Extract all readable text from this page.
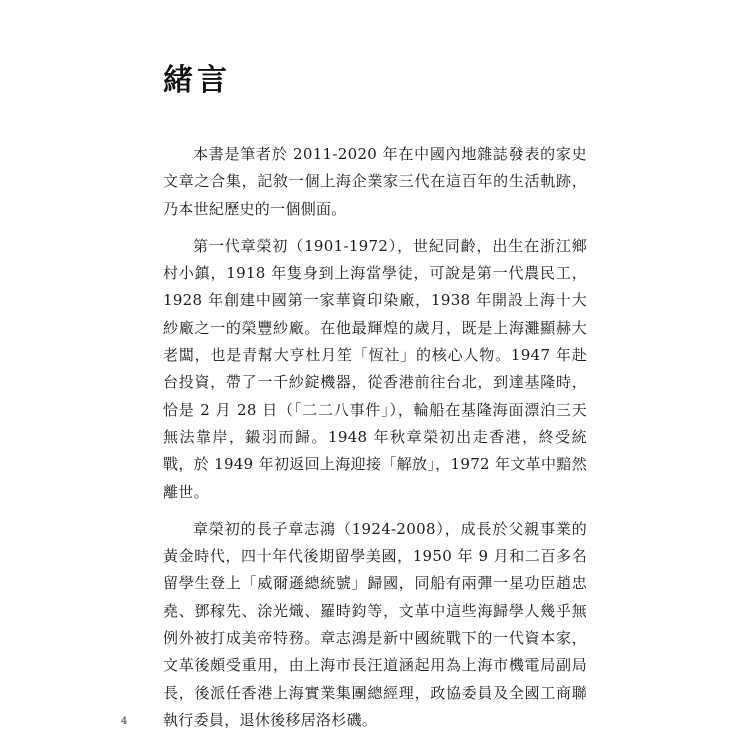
緒言

本書是筆者於 2011-2020 年在中國內地雜誌發表的家史文章之合集，記敘一個上海企業家三代在這百年的生活軌跡，乃本世紀歷史的一個側面。

第一代章榮初（1901-1972），世紀同齡，出生在浙江鄉村小鎮，1918 年隻身到上海當學徒，可說是第一代農民工，1928 年創建中國第一家華資印染廠，1938 年開設上海十大紗廠之一的榮豐紗廠。在他最輝煌的歲月，既是上海灘顯赫大老闆，也是青幫大亨杜月笙「恆社」的核心人物。1947 年赴台投資，帶了一千紗錠機器，從香港前往台北，到達基隆時，恰是 2 月 28 日（「二二八事件」），輪船在基隆海面漂泊三天無法靠岸，鎩羽而歸。1948 年秋章榮初出走香港，終受統戰，於 1949 年初返回上海迎接「解放」，1972 年文革中黯然離世。

章榮初的長子章志鴻（1924-2008），成長於父親事業的黃金時代，四十年代後期留學美國，1950 年 9 月和二百多名留學生登上「威爾遜總統號」歸國，同船有兩彈一星功臣趙忠堯、鄧稼先、涂光熾、羅時鈞等，文革中這些海歸學人幾乎無例外被打成美帝特務。章志鴻是新中國統戰下的一代資本家，文革後頗受重用，由上海市長汪道涵起用為上海市機電局副局長，後派任香港上海實業集團總經理，政協委員及全國工商聯執行委員，退休後移居洛杉磯。

4
